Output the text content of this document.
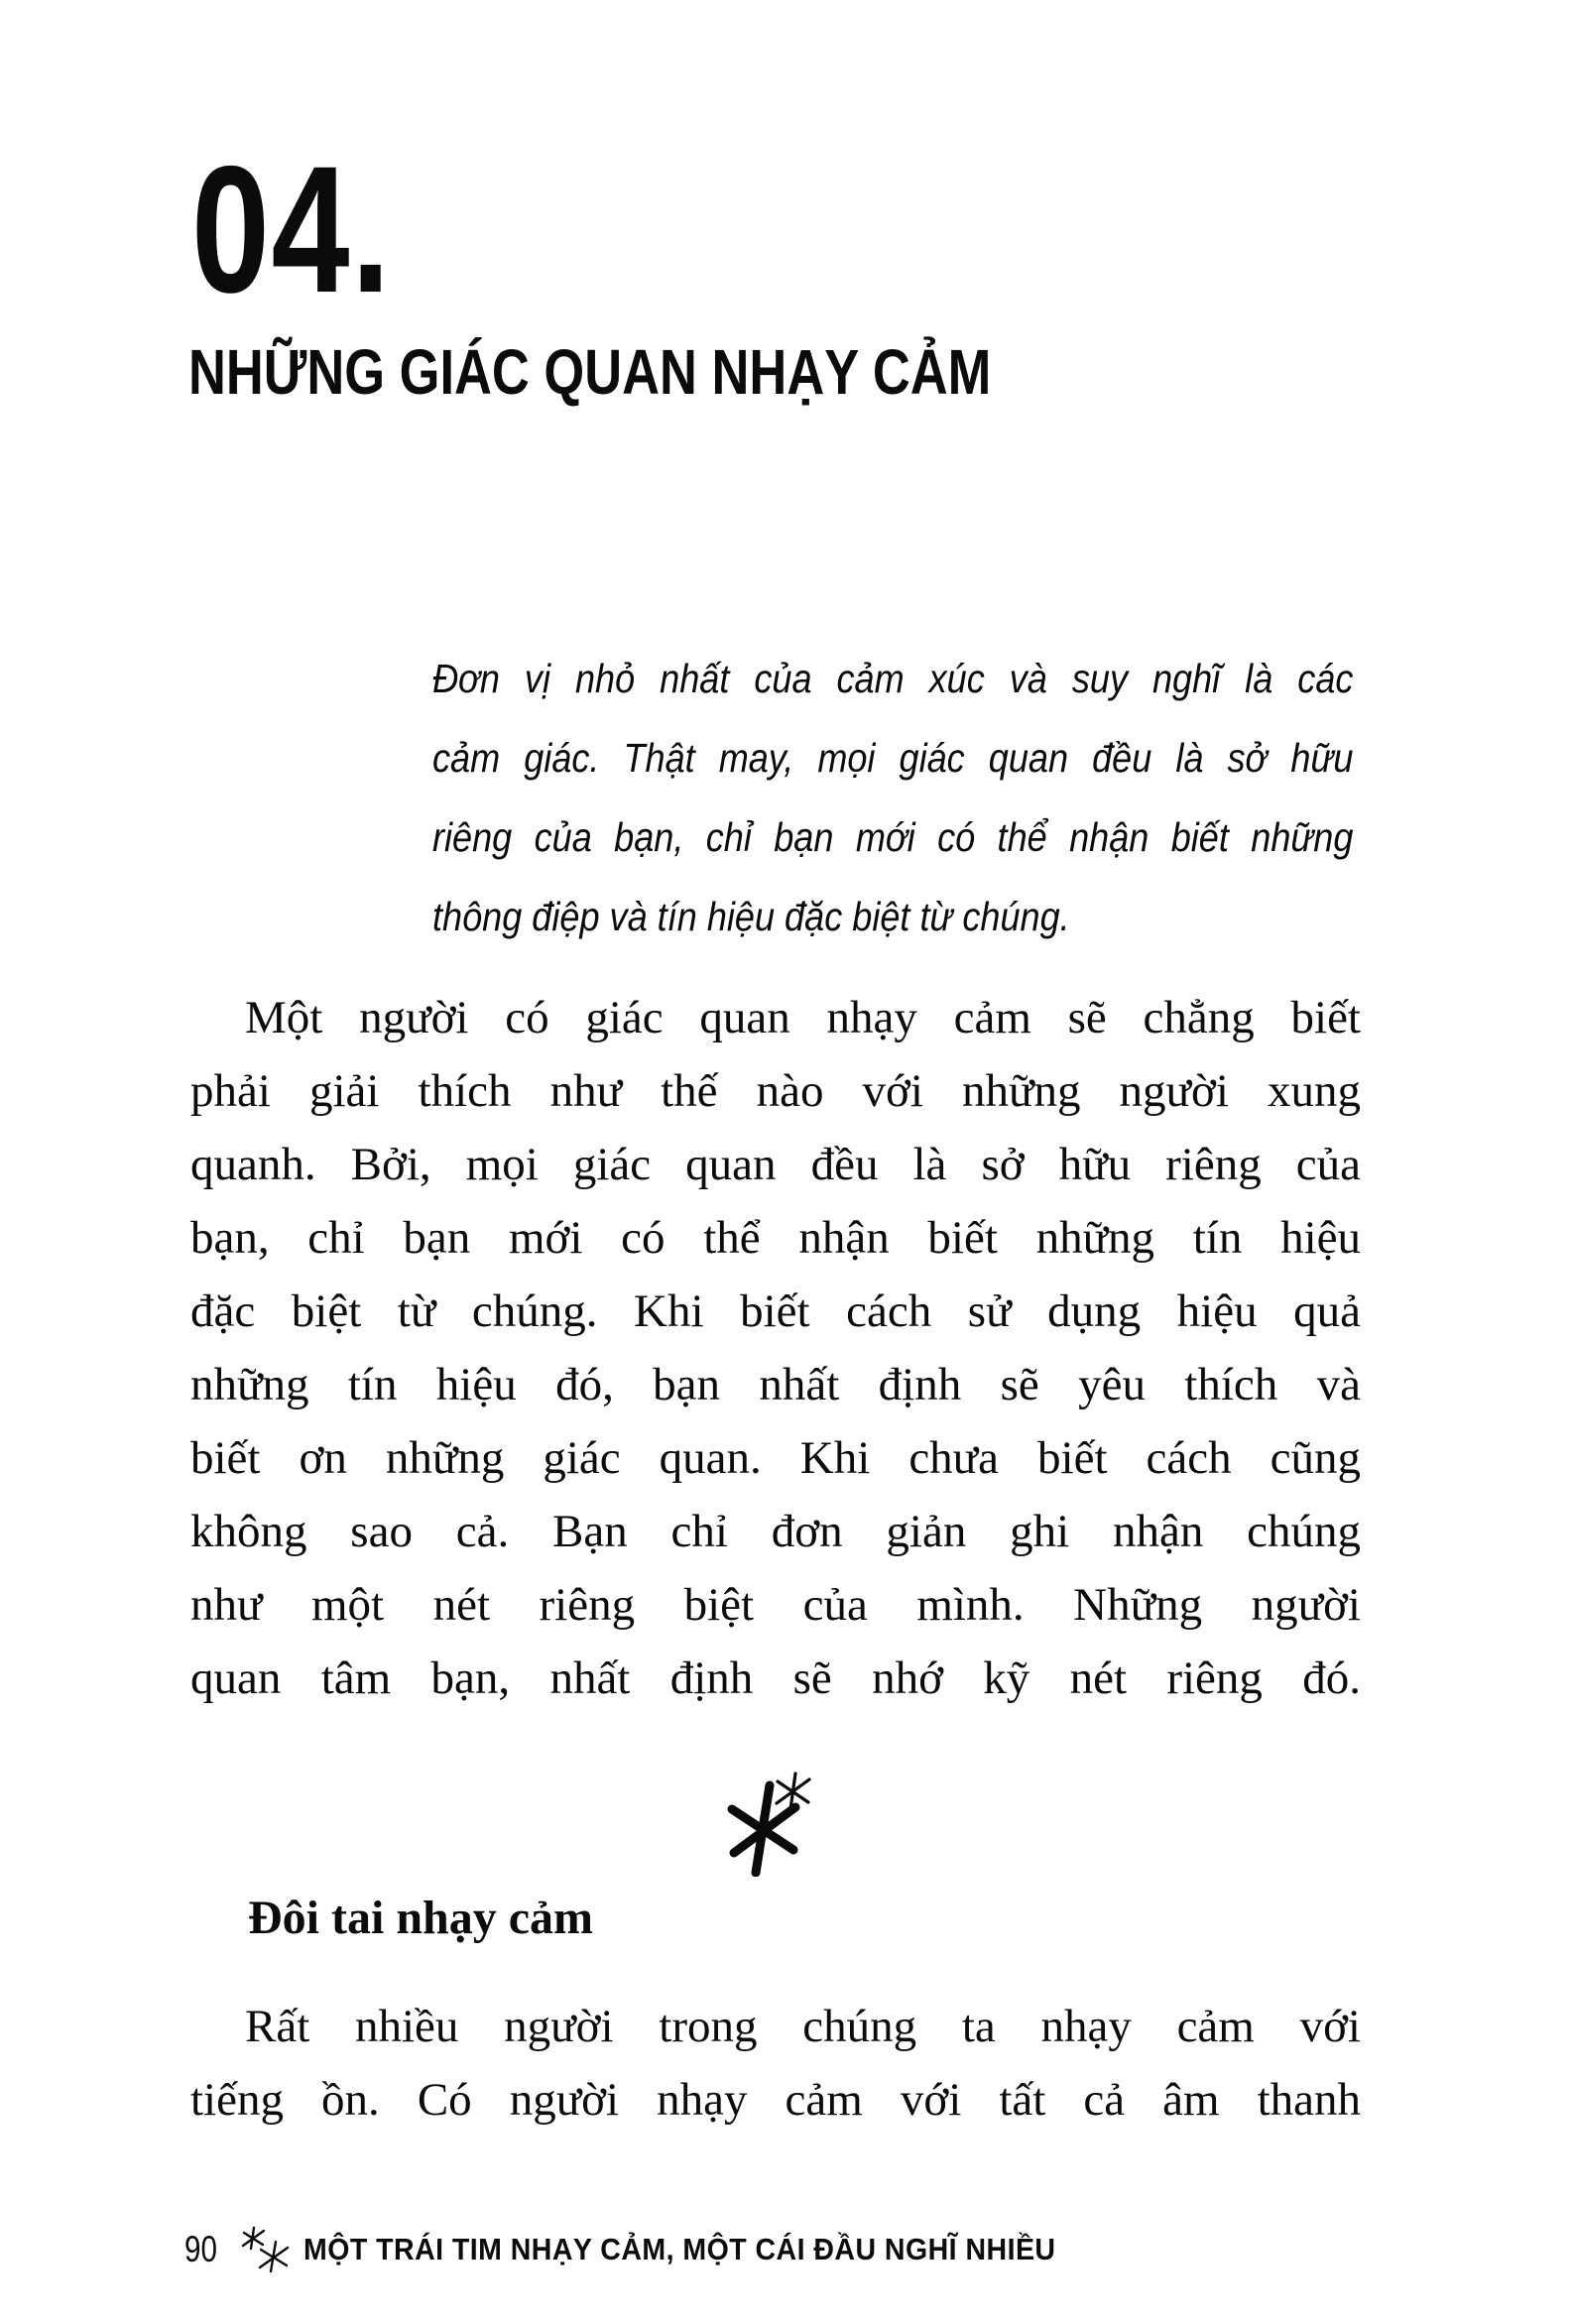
04.
NHỮNG GIÁC QUAN NHẠY CẢM
Đơn vị nhỏ nhất của cảm xúc và suy nghĩ là các
cảm giác. Thật may, mọi giác quan đều là sở hữu
riêng của bạn, chỉ bạn mới có thể nhận biết những
thông điệp và tín hiệu đặc biệt từ chúng.
Một người có giác quan nhạy cảm sẽ chẳng biết
phải giải thích như thế nào với những người xung
quanh. Bởi, mọi giác quan đều là sở hữu riêng của
bạn, chỉ bạn mới có thể nhận biết những tín hiệu
đặc biệt từ chúng. Khi biết cách sử dụng hiệu quả
những tín hiệu đó, bạn nhất định sẽ yêu thích và
biết ơn những giác quan. Khi chưa biết cách cũng
không sao cả. Bạn chỉ đơn giản ghi nhận chúng
như một nét riêng biệt của mình. Những người
quan tâm bạn, nhất định sẽ nhớ kỹ nét riêng đó.
Đôi tai nhạy cảm
Rất nhiều người trong chúng ta nhạy cảm với
tiếng ồn. Có người nhạy cảm với tất cả âm thanh
90	MỘT TRÁI TIM NHẠY CẢM, MỘT CÁI ĐẦU NGHĨ NHIỀU
